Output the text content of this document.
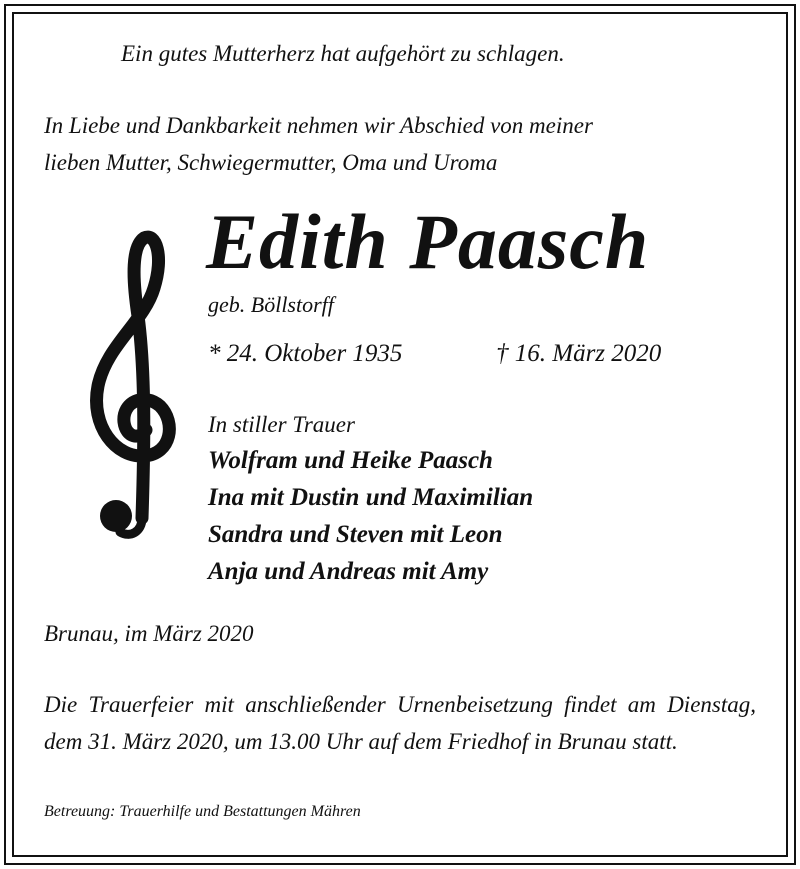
Ein gutes Mutterherz hat aufgehört zu schlagen.

In Liebe und Dankbarkeit nehmen wir Abschied von meiner

lieben Mutter, Schwiegermutter, Oma und Uroma

Edith Paasch

geb. Böllstorff

* 24. Oktober 1935	† 16. März 2020

In stiller Trauer

Wolfram und Heike Paasch
Ina mit Dustin und Maximilian
Sandra und Steven mit Leon
Anja und Andreas mit Amy

Brunau, im März 2020

Die Trauerfeier mit anschließender Urnenbeisetzung findet am Dienstag, dem 31. März 2020, um 13.00 Uhr auf dem Friedhof in Brunau statt.

Betreuung: Trauerhilfe und Bestattungen Mähren
